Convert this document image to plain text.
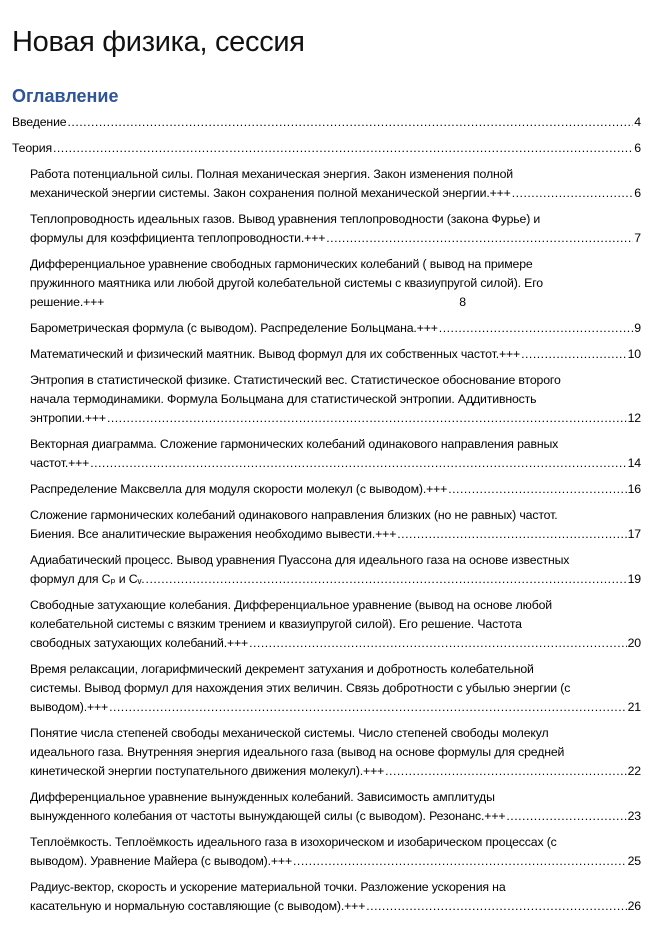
Новая физика, сессия
Оглавление
Введение .....	4
Теория .....	6
Работа потенциальной силы. Полная механическая энергия. Закон изменения полной
механической энергии системы. Закон сохранения полной механической энергии.+++ .....	6
Теплопроводность идеальных газов. Вывод уравнения теплопроводности (закона Фурье) и
формулы для коэффициента теплопроводности.+++ .....	7
Дифференциальное уравнение свободных гармонических колебаний ( вывод на примере
пружинного маятника или любой другой колебательной системы с квазиупругой силой). Его
решение.+++	8
Барометрическая формула (с выводом). Распределение Больцмана.+++ .....	9
Математический и физический маятник. Вывод формул для их собственных частот.+++ .....	10
Энтропия в статистической физике. Статистический вес. Статистическое обоснование второго
начала термодинамики. Формула Больцмана для статистической энтропии. Аддитивность
энтропии.+++ .....	12
Векторная диаграмма. Сложение гармонических колебаний одинакового направления равных
частот.+++ .....	14
Распределение Максвелла для модуля скорости молекул (с выводом).+++ .....	16
Сложение гармонических колебаний одинакового направления близких (но не равных) частот.
Биения. Все аналитические выражения необходимо вывести.+++ .....	17
Адиабатический процесс. Вывод уравнения Пуассона для идеального газа на основе известных
формул для Cₚ и Cᵥ. .....	19
Свободные затухающие колебания. Дифференциальное уравнение (вывод на основе любой
колебательной системы с вязким трением и квазиупругой силой). Его решение. Частота
свободных затухающих колебаний.+++ .....	20
Время релаксации, логарифмический декремент затухания и добротность колебательной
системы. Вывод формул для нахождения этих величин. Связь добротности с убылью энергии (с
выводом).+++ .....	21
Понятие числа степеней свободы механической системы. Число степеней свободы молекул
идеального газа. Внутренняя энергия идеального газа (вывод на основе формулы для средней
кинетической энергии поступательного движения молекул).+++ .....	22
Дифференциальное уравнение вынужденных колебаний. Зависимость амплитуды
вынужденного колебания от частоты вынуждающей силы (с выводом). Резонанс.+++ .....	23
Теплоёмкость. Теплоёмкость идеального газа в изохорическом и изобарическом процессах (с
выводом). Уравнение Майера (с выводом).+++ .....	25
Радиус-вектор, скорость и ускорение материальной точки. Разложение ускорения на
касательную и нормальную составляющие (с выводом).+++ .....	26
